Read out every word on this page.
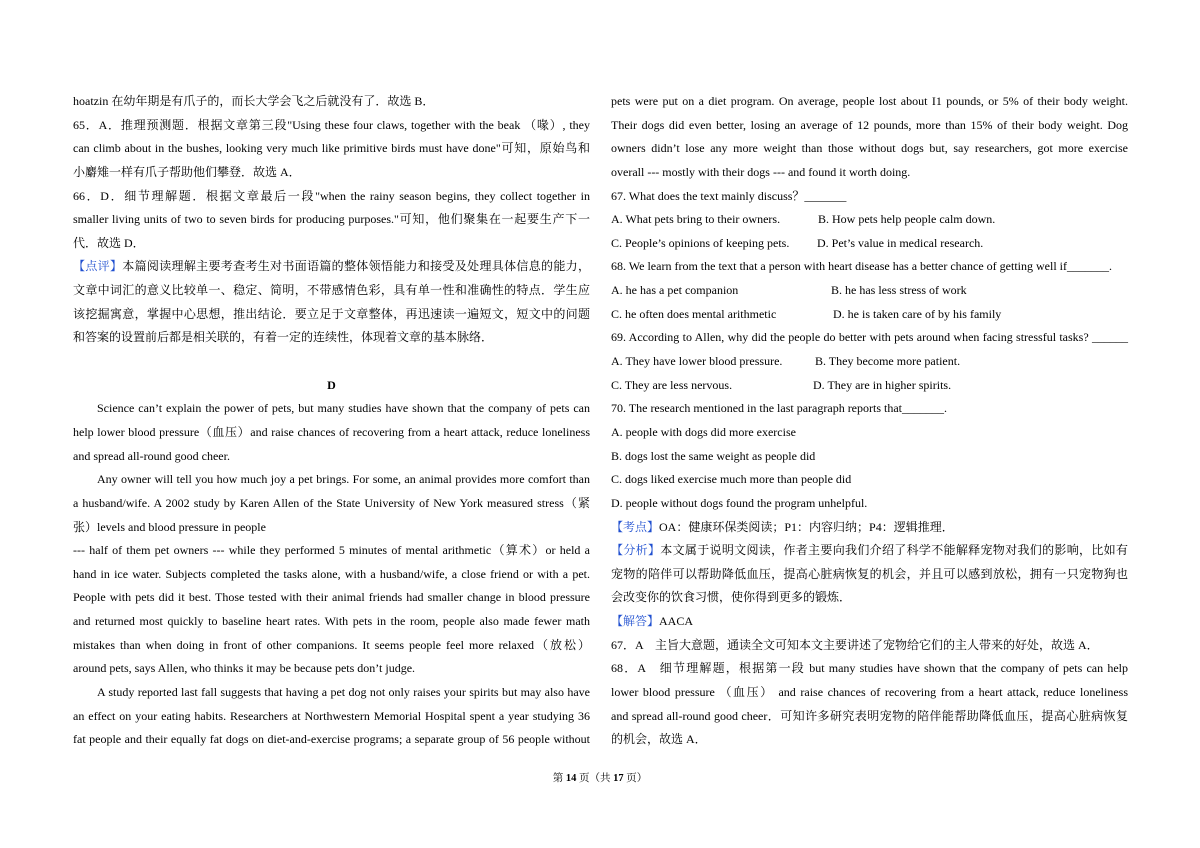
hoatzin 在幼年期是有爪子的，而长大学会飞之后就没有了．故选 B．
65．A．推理预测题．根据文章第三段"Using these four claws, together with the beak （喙）, they
can climb about in the bushes, looking very much like primitive birds must have done"可知，原始鸟和
小麝雉一样有爪子帮助他们攀登．故选 A．
66．D．细节理解题．根据文章最后一段"when the rainy season begins, they collect together in
smaller living units of two to seven birds for producing purposes."可知，他们聚集在一起要生产下一
代．故选 D．
【点评】本篇阅读理解主要考查考生对书面语篇的整体领悟能力和接受及处理具体信息的能力，
文章中词汇的意义比较单一、稳定、简明，不带感情色彩，具有单一性和准确性的特点．学生应
该挖掘寓意，掌握中心思想，推出结论．要立足于文章整体，再迅速读一遍短文，短文中的问题
和答案的设置前后都是相关联的，有着一定的连续性，体现着文章的基本脉络．
D
Science can’t explain the power of pets, but many studies have shown that the company of pets can
help lower blood pressure（血压）and raise chances of recovering from a heart attack, reduce loneliness
and spread all-round good cheer.
Any owner will tell you how much joy a pet brings. For some, an animal provides more comfort than
a husband/wife. A 2002 study by Karen Allen of the State University of New York measured stress（紧
张）levels and blood pressure in people
--- half of them pet owners --- while they performed 5 minutes of mental arithmetic（算术）or held a
hand in ice water. Subjects completed the tasks alone, with a husband/wife, a close friend or with a pet.
People with pets did it best. Those tested with their animal friends had smaller change in blood pressure
and returned most quickly to baseline heart rates. With pets in the room, people also made fewer math
mistakes than when doing in front of other companions. It seems people feel more relaxed（放松）
around pets, says Allen, who thinks it may be because pets don’t judge.
A study reported last fall suggests that having a pet dog not only raises your spirits but may also have
an effect on your eating habits. Researchers at Northwestern Memorial Hospital spent a year studying 36
fat people and their equally fat dogs on diet-and-exercise programs; a separate group of 56 people without
pets were put on a diet program. On average, people lost about I1 pounds, or 5% of their body weight.
Their dogs did even better, losing an average of 12 pounds, more than 15% of their body weight. Dog
owners didn’t lose any more weight than those without dogs but, say researchers, got more exercise
overall --- mostly with their dogs --- and found it worth doing.
67. What does the text mainly discuss？_______
A. What pets bring to their owners.	B. How pets help people calm down.
C. People’s opinions of keeping pets. D. Pet’s value in medical research.
68. We learn from the text that a person with heart disease has a better chance of getting well if_______.
A. he has a pet companion	B. he has less stress of work
C. he often does mental arithmetic	D. he is taken care of by his family
69. According to Allen, why did the people do better with pets around when facing stressful tasks? ______
A. They have lower blood pressure.	B. They become more patient.
C. They are less nervous.	D. They are in higher spirits.
70. The research mentioned in the last paragraph reports that_______.
A. people with dogs did more exercise
B. dogs lost the same weight as people did
C. dogs liked exercise much more than people did
D. people without dogs found the program unhelpful.
【考点】OA：健康环保类阅读；P1：内容归纳；P4：逻辑推理．
【分析】本文属于说明文阅读，作者主要向我们介绍了科学不能解释宠物对我们的影响，比如有
宠物的陪伴可以帮助降低血压，提高心脏病恢复的机会，并且可以感到放松，拥有一只宠物狗也
会改变你的饮食习惯，使你得到更多的锻炼．
【解答】AACA
67．A　主旨大意题，通读全文可知本文主要讲述了宠物给它们的主人带来的好处，故选 A．
68．A　细节理解题，根据第一段 but many studies have shown that the company of pets can help
lower blood pressure （血压） and raise chances of recovering from a heart attack, reduce loneliness
and spread all-round good cheer．可知许多研究表明宠物的陪伴能帮助降低血压，提高心脏病恢复
的机会，故选 A．
第 14 页（共 17 页）
